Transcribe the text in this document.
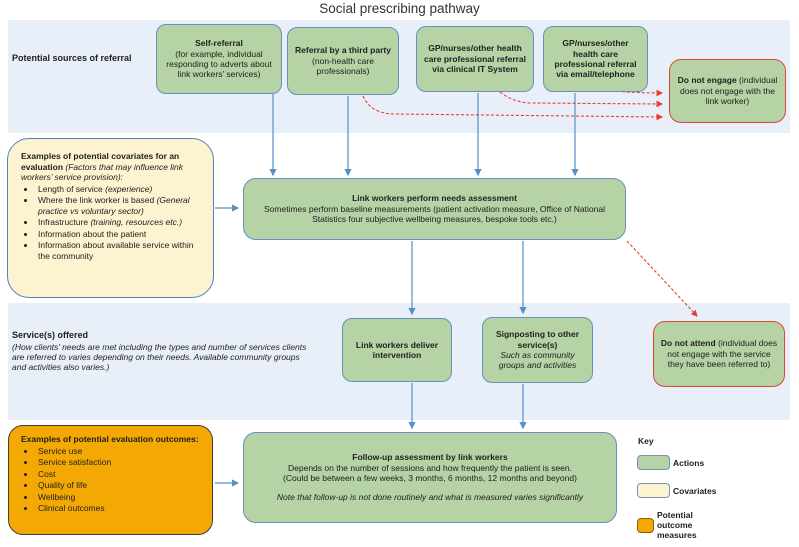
Social prescribing pathway
Potential sources of referral
Service(s) offered
(How clients’ needs are met including the types and number of services clients are referred to varies depending on their needs. Available community groups and activities also varies.)
Self-referral
(for example, individual responding to adverts about link workers’ services)
Referral by a third party (non-health care professionals)
GP/nurses/other health care professional referral via clinical IT System
GP/nurses/other health care professional referral via email/telephone
Do not engage (individual does not engage with the link worker)
Examples of potential covariates for an evaluation (Factors that may influence link workers’ service provision):
• Length of service (experience)
• Where the link worker is based (General practice vs voluntary sector)
• Infrastructure (training, resources etc.)
• Information about the patient
• Information about available service within the community
Link workers perform needs assessment
Sometimes perform baseline measurements (patient activation measure, Office of National Statistics four subjective wellbeing measures, bespoke tools etc.)
Link workers deliver intervention
Signposting to other service(s)
Such as community groups and activities
Do not attend (individual does not engage with the service they have been referred to)
Examples of potential evaluation outcomes:
• Service use
• Service satisfaction
• Cost
• Quality of life
• Wellbeing
• Clinical outcomes
Follow-up assessment by link workers
Depends on the number of sessions and how frequently the patient is seen.
(Could be between a few weeks, 3 months, 6 months, 12 months and beyond)
Note that follow-up is not done routinely and what is measured varies significantly
Key
Actions
Covariates
Potential outcome measures
